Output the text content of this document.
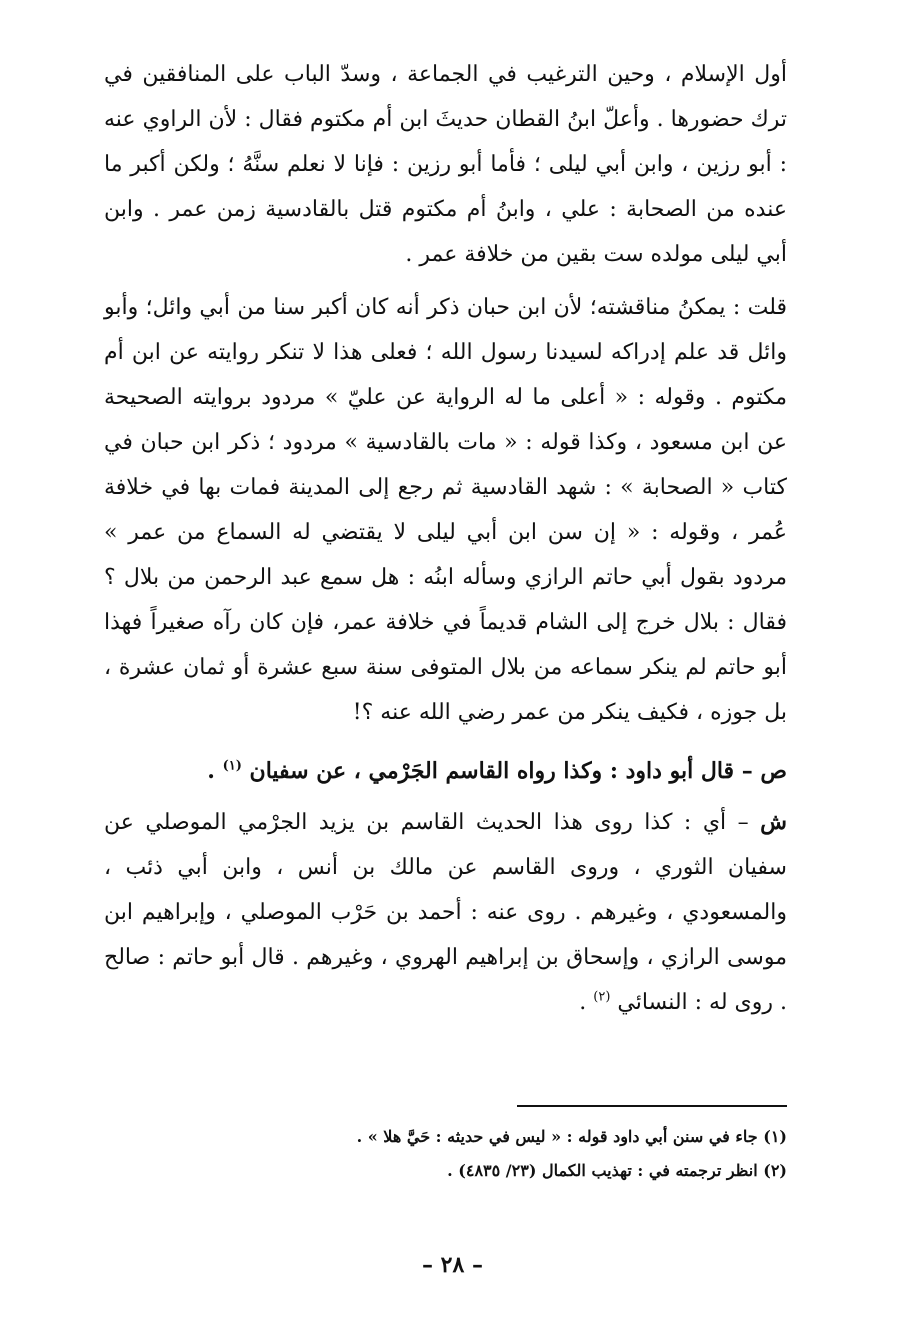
أول الإسلام ، وحين الترغيب في الجماعة ، وسدّ الباب على المنافقين في ترك حضورها . وأعلّ ابنُ القطان حديثَ ابن أم مكتوم فقال : لأن الراوي عنه : أبو رزين ، وابن أبي ليلى ؛ فأما أبو رزين : فإنا لا نعلم سنَّهُ ؛ ولكن أكبر ما عنده من الصحابة : علي ، وابنُ أم مكتوم قتل بالقادسية زمن عمر . وابن أبي ليلى مولده ست بقين من خلافة عمر .

قلت : يمكنُ مناقشته؛ لأن ابن حبان ذكر أنه كان أكبر سنا من أبي وائل؛ وأبو وائل قد علم إدراكه لسيدنا رسول الله ؛ فعلى هذا لا تنكر روايته عن ابن أم مكتوم . وقوله : « أعلى ما له الرواية عن عليّ » مردود بروايته الصحيحة عن ابن مسعود ، وكذا قوله : « مات بالقادسية » مردود ؛ ذكر ابن حبان في كتاب « الصحابة » : شهد القادسية ثم رجع إلى المدينة فمات بها في خلافة عُمر ، وقوله : « إن سن ابن أبي ليلى لا يقتضي له السماع من عمر » مردود بقول أبي حاتم الرازي وسأله ابنُه : هل سمع عبد الرحمن من بلال ؟ فقال : بلال خرج إلى الشام قديماً في خلافة عمر، فإن كان رآه صغيراً فهذا أبو حاتم لم ينكر سماعه من بلال المتوفى سنة سبع عشرة أو ثمان عشرة ، بل جوزه ، فكيف ينكر من عمر رضي الله عنه ؟!

ص – قال أبو داود : وكذا رواه القاسم الجَرْمي ، عن سفيان $^{(١)}$ .

ش – أي : كذا روى هذا الحديث القاسم بن يزيد الجرْمي الموصلي عن سفيان الثوري ، وروى القاسم عن مالك بن أنس ، وابن أبي ذئب ، والمسعودي ، وغيرهم . روى عنه : أحمد بن حَرْب الموصلي ، وإبراهيم ابن موسى الرازي ، وإسحاق بن إبراهيم الهروي ، وغيرهم . قال أبو حاتم : صالح . روى له : النسائي $^{(٢)}$ .

(١) جاء في سنن أبي داود قوله : « ليس في حديثه : حَيَّ هلا » .
(٢) انظر ترجمته في : تهذيب الكمال (٢٣/ ٤٨٣٥) .
– ٢٨ –
